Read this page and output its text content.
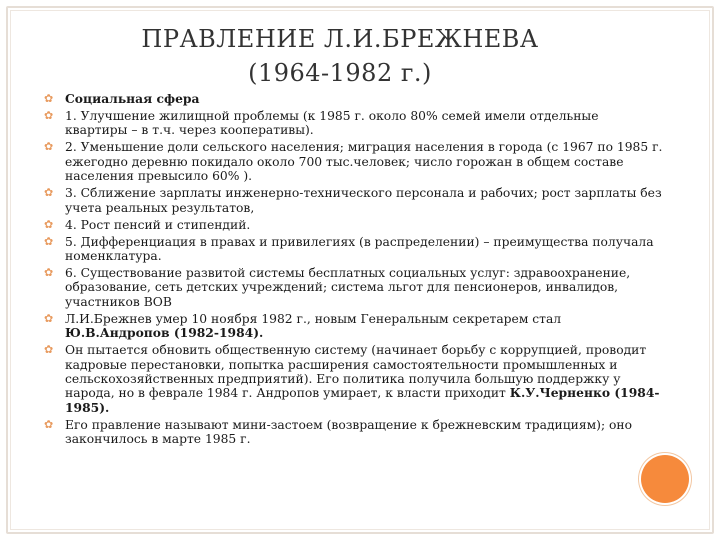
ПРАВЛЕНИЕ Л.И.БРЕЖНЕВА
(1964-1982 г.)
✿ Социальная сфера
✿ 1. Улучшение жилищной проблемы (к 1985 г. около 80% семей имели отдельные квартиры – в т.ч. через кооперативы).
✿ 2. Уменьшение доли сельского населения; миграция населения в города (с 1967 по 1985 г. ежегодно деревню покидало около 700 тыс.человек; число горожан в общем составе населения превысило 60% ).
✿ 3. Сближение зарплаты инженерно-технического персонала и рабочих; рост зарплаты без учета реальных результатов,
✿ 4. Рост пенсий и стипендий.
✿ 5. Дифференциация в правах и привилегиях (в распределении) – преимущества получала номенклатура.
✿ 6. Существование развитой системы бесплатных социальных услуг: здравоохранение, образование, сеть детских учреждений; система льгот для пенсионеров, инвалидов, участников ВОВ
✿ Л.И.Брежнев умер 10 ноября 1982 г., новым Генеральным секретарем стал Ю.В.Андропов (1982-1984).
✿ Он пытается обновить общественную систему (начинает борьбу с коррупцией, проводит кадровые перестановки, попытка расширения самостоятельности промышленных и сельскохозяйственных предприятий). Его политика получила большую поддержку у народа, но в феврале 1984 г. Андропов умирает, к власти приходит К.У.Черненко (1984-1985).
✿ Его правление называют мини-застоем (возвращение к брежневским традициям); оно закончилось в марте 1985 г.
